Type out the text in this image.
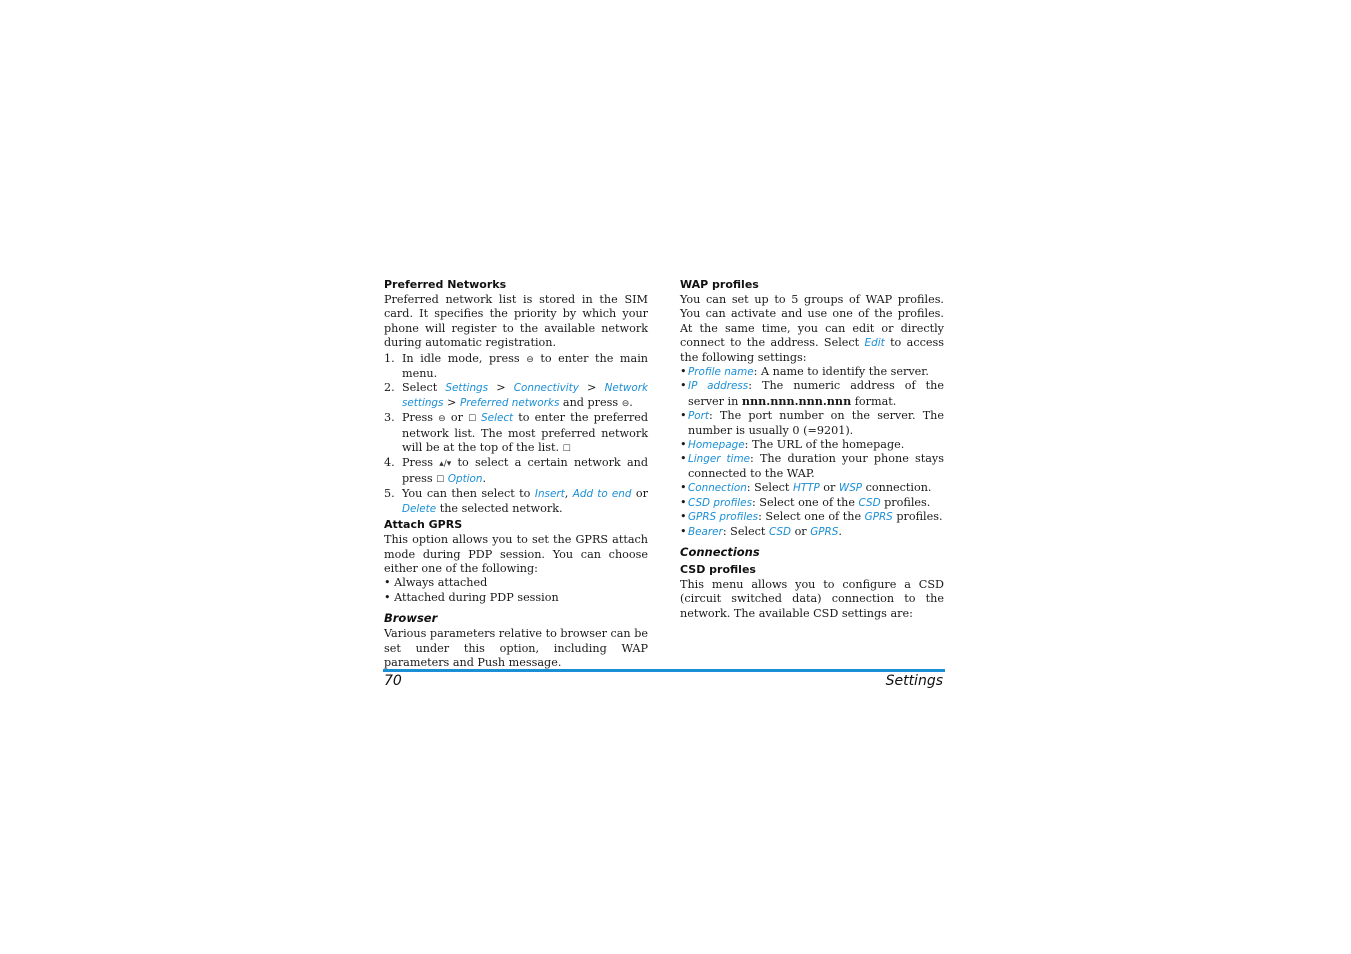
Preferred Networks

Preferred network list is stored in the SIM card. It specifies the priority by which your phone will register to the available network during automatic registration.

1. In idle mode, press ⊖ to enter the main menu.
2. Select Settings > Connectivity > Network settings > Preferred networks and press ⊖.
3. Press ⊖ or ☐ Select to enter the preferred network list. The most preferred network will be at the top of the list. ☐
4. Press ▴/▾ to select a certain network and press ☐ Option.
5. You can then select to Insert, Add to end or Delete the selected network.
Attach GPRS

This option allows you to set the GPRS attach mode during PDP session. You can choose either one of the following:

• Always attached
• Attached during PDP session
Browser

Various parameters relative to browser can be set under this option, including WAP parameters and Push message.

WAP profiles

You can set up to 5 groups of WAP profiles. You can activate and use one of the profiles. At the same time, you can edit or directly connect to the address. Select Edit to access the following settings:

• Profile name: A name to identify the server.
• IP address: The numeric address of the server in nnn.nnn.nnn.nnn format.
• Port: The port number on the server. The number is usually 0 (=9201).
• Homepage: The URL of the homepage.
• Linger time: The duration your phone stays connected to the WAP.
• Connection: Select HTTP or WSP connection.
• CSD profiles: Select one of the CSD profiles.
• GPRS profiles: Select one of the GPRS profiles.
• Bearer: Select CSD or GPRS.
Connections
CSD profiles

This menu allows you to configure a CSD (circuit switched data) connection to the network. The available CSD settings are:

70	Settings
